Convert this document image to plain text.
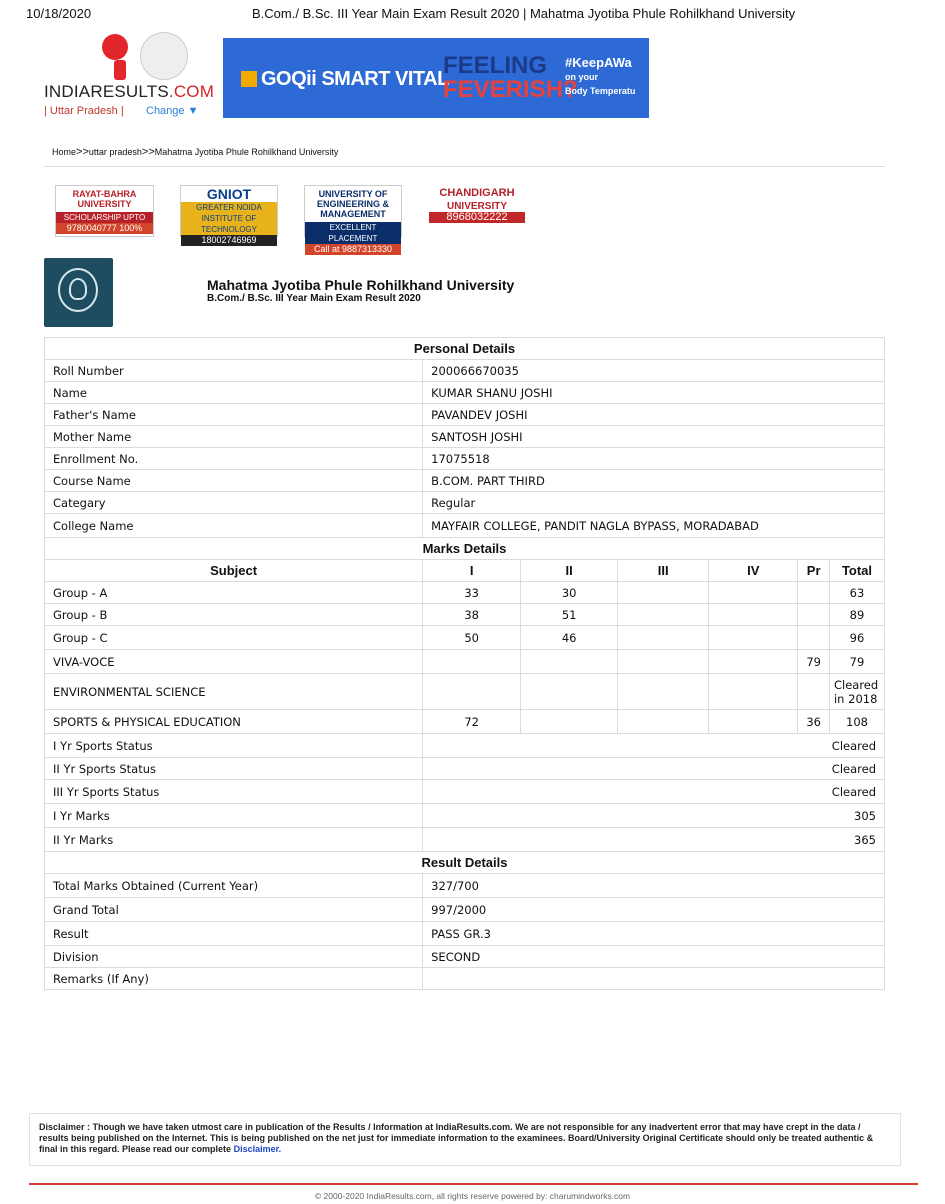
10/18/2020	B.Com./ B.Sc. III Year Main Exam Result 2020 | Mahatma Jyotiba Phule Rohilkhand University
INDIARESULTS.COM
| Uttar Pradesh | Change ▼
GOQii SMART VITAL
FEELING
FEVERISH?
#KeepAWa
on your
Body Temperatu
Home>>uttar pradesh>>Mahatma Jyotiba Phule Rohilkhand University
RAYAT-BAHRA UNIVERSITY
SCHOLARSHIP UPTO
9780040777 100%
GNIOT
GREATER NOIDA INSTITUTE OF TECHNOLOGY
18002746969
UNIVERSITY OF ENGINEERING & MANAGEMENT
EXCELLENT PLACEMENT
Call at 9887313330
CHANDIGARH
UNIVERSITY
8968032222
Mahatma Jyotiba Phule Rohilkhand University
B.Com./ B.Sc. III Year Main Exam Result 2020
Personal Details						
Roll Number	200066670035					
Name	KUMAR SHANU JOSHI					
Father's Name	PAVANDEV JOSHI					
Mother Name	SANTOSH JOSHI					
Enrollment No.	17075518					
Course Name	B.COM. PART THIRD					
Categary	Regular					
College Name	MAYFAIR COLLEGE, PANDIT NAGLA BYPASS, MORADABAD					
Marks Details						
Subject	I	II	III	IV	Pr	Total
Group - A	33	30				63
Group - B	38	51				89
Group - C	50	46				96
VIVA-VOCE					79	79
ENVIRONMENTAL SCIENCE						Cleared
in 2018
SPORTS & PHYSICAL EDUCATION	72				36	108
I Yr Sports Status	Cleared					
II Yr Sports Status	Cleared					
III Yr Sports Status	Cleared					
I Yr Marks	305					
II Yr Marks	365					
Result Details						
Total Marks Obtained (Current Year)	327/700					
Grand Total	997/2000					
Result	PASS GR.3					
Division	SECOND					
Remarks (If Any)						
Disclaimer : Though we have taken utmost care in publication of the Results / Information at IndiaResults.com. We are not responsible for any inadvertent error that may have crept in the data / results being published on the Internet. This is being published on the net just for immediate information to the examinees. Board/University Original Certificate should only be treated authentic & final in this regard. Please read our complete Disclaimer.
© 2000-2020 IndiaResults.com, all rights reserve powered by: charumindworks.com
